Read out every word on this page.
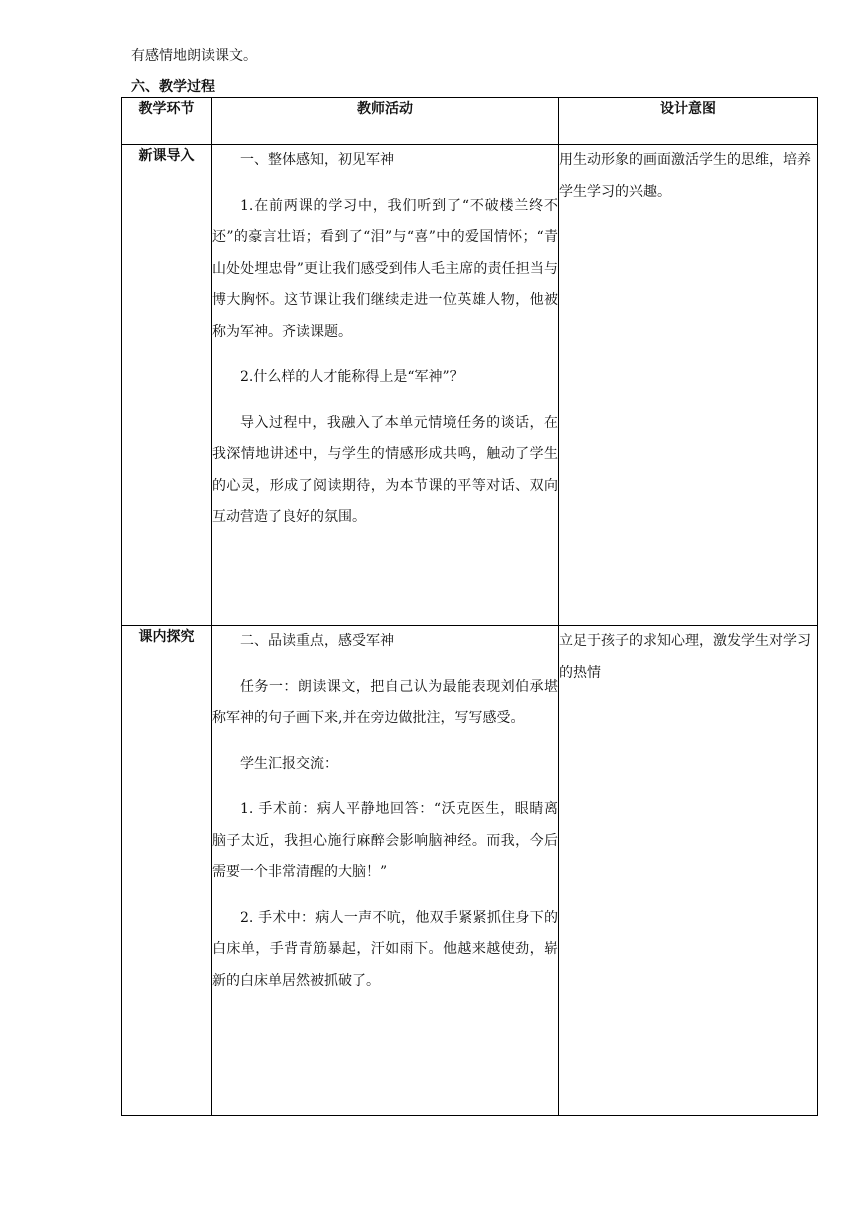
有感情地朗读课文。
六、教学过程
教学环节	教师活动	设计意图
新课导入	一、整体感知，初见军神

1.在前两课的学习中，我们听到了“不破楼兰终不还”的豪言壮语；看到了“泪”与“喜”中的爱国情怀；“青山处处埋忠骨”更让我们感受到伟人毛主席的责任担当与博大胸怀。这节课让我们继续走进一位英雄人物，他被称为军神。齐读课题。

2.什么样的人才能称得上是“军神”？

导入过程中，我融入了本单元情境任务的谈话，在我深情地讲述中，与学生的情感形成共鸣，触动了学生的心灵，形成了阅读期待，为本节课的平等对话、双向互动营造了良好的氛围。	用生动形象的画面激活学生的思维，培养学生学习的兴趣。
课内探究	二、品读重点，感受军神

任务一：朗读课文，把自己认为最能表现刘伯承堪称军神的句子画下来,并在旁边做批注，写写感受。

学生汇报交流：

1. 手术前：病人平静地回答：“沃克医生，眼睛离脑子太近，我担心施行麻醉会影响脑神经。而我，今后需要一个非常清醒的大脑！”

2. 手术中：病人一声不吭，他双手紧紧抓住身下的白床单，手背青筋暴起，汗如雨下。他越来越使劲，崭新的白床单居然被抓破了。	立足于孩子的求知心理，激发学生对学习的热情
